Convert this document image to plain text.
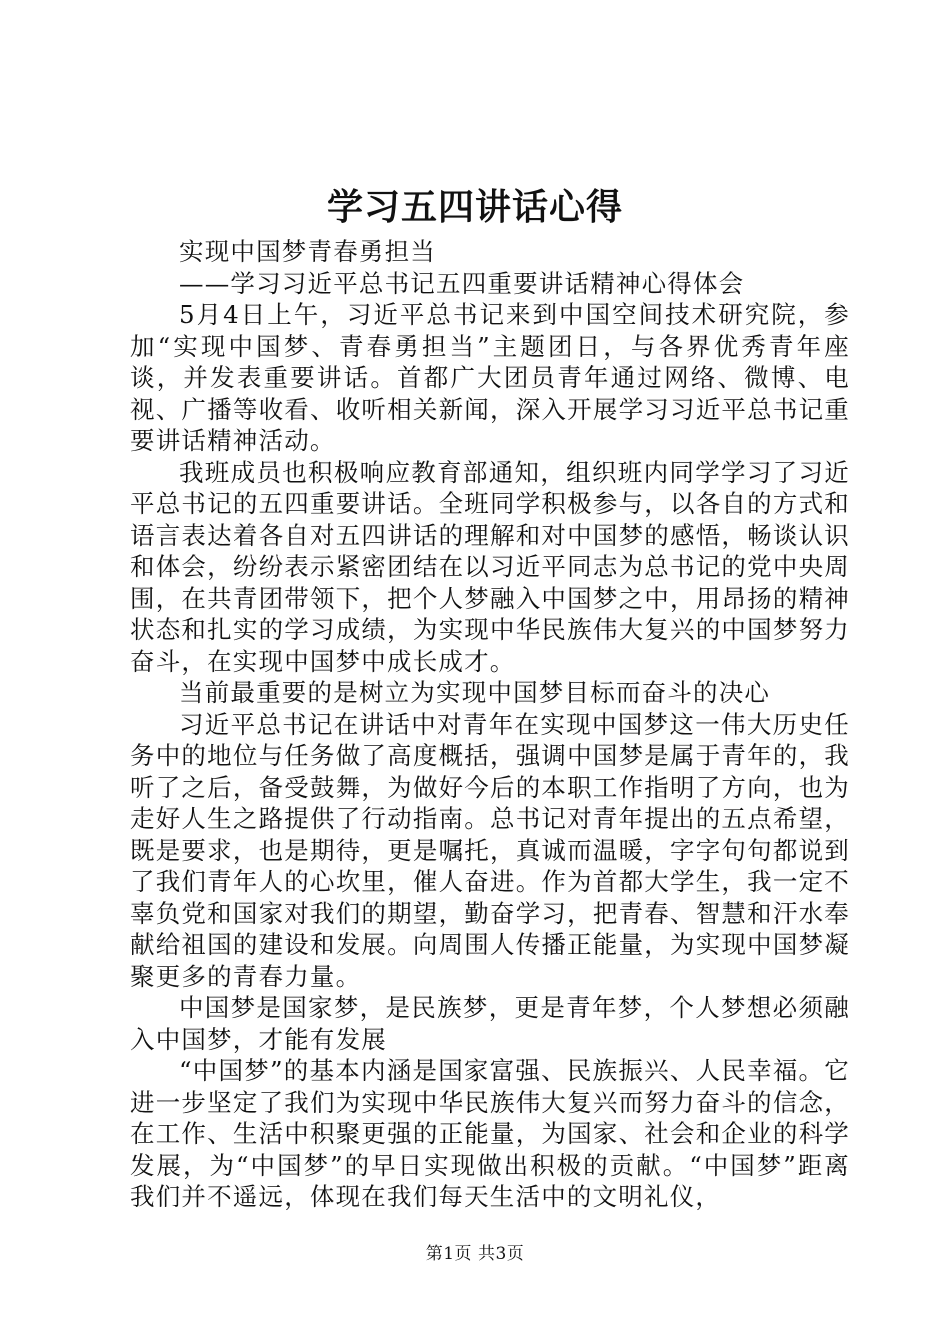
学习五四讲话心得

实现中国梦青春勇担当

——学习习近平总书记五四重要讲话精神心得体会

5月4日上午，习近平总书记来到中国空间技术研究院，参加“实现中国梦、青春勇担当”主题团日，与各界优秀青年座谈，并发表重要讲话。首都广大团员青年通过网络、微博、电视、广播等收看、收听相关新闻，深入开展学习习近平总书记重要讲话精神活动。

我班成员也积极响应教育部通知，组织班内同学学习了习近平总书记的五四重要讲话。全班同学积极参与，以各自的方式和语言表达着各自对五四讲话的理解和对中国梦的感悟，畅谈认识和体会，纷纷表示紧密团结在以习近平同志为总书记的党中央周围，在共青团带领下，把个人梦融入中国梦之中，用昂扬的精神状态和扎实的学习成绩，为实现中华民族伟大复兴的中国梦努力奋斗，在实现中国梦中成长成才。

当前最重要的是树立为实现中国梦目标而奋斗的决心

习近平总书记在讲话中对青年在实现中国梦这一伟大历史任务中的地位与任务做了高度概括，强调中国梦是属于青年的，我听了之后，备受鼓舞，为做好今后的本职工作指明了方向，也为走好人生之路提供了行动指南。总书记对青年提出的五点希望，既是要求，也是期待，更是嘱托，真诚而温暖，字字句句都说到了我们青年人的心坎里，催人奋进。作为首都大学生，我一定不辜负党和国家对我们的期望，勤奋学习，把青春、智慧和汗水奉献给祖国的建设和发展。向周围人传播正能量，为实现中国梦凝聚更多的青春力量。

中国梦是国家梦，是民族梦，更是青年梦，个人梦想必须融入中国梦，才能有发展

“中国梦”的基本内涵是国家富强、民族振兴、人民幸福。它进一步坚定了我们为实现中华民族伟大复兴而努力奋斗的信念，在工作、生活中积聚更强的正能量，为国家、社会和企业的科学发展，为“中国梦”的早日实现做出积极的贡献。“中国梦”距离我们并不遥远，体现在我们每天生活中的文明礼仪，

第1页 共3页
